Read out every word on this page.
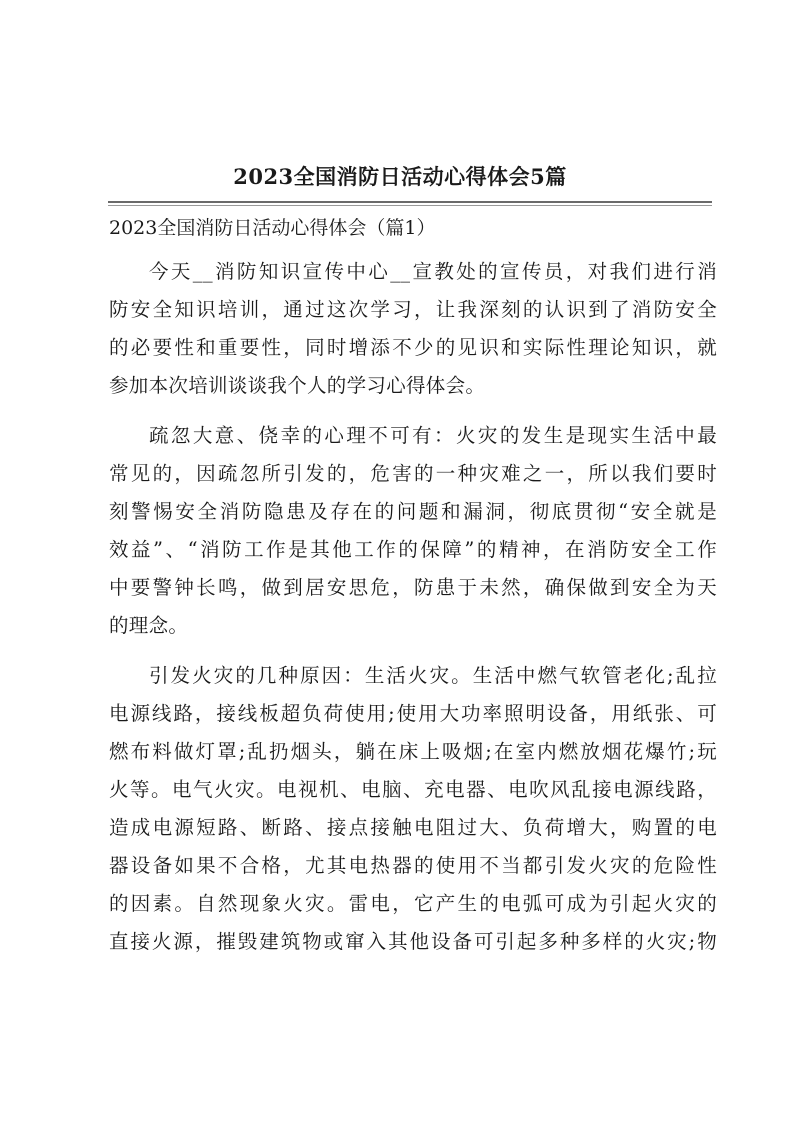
2023全国消防日活动心得体会5篇
2023全国消防日活动心得体会（篇1）
今天__消防知识宣传中心__宣教处的宣传员，对我们进行消
防安全知识培训，通过这次学习，让我深刻的认识到了消防安全
的必要性和重要性，同时增添不少的见识和实际性理论知识，就
参加本次培训谈谈我个人的学习心得体会。
疏忽大意、侥幸的心理不可有：火灾的发生是现实生活中最
常见的，因疏忽所引发的，危害的一种灾难之一，所以我们要时
刻警惕安全消防隐患及存在的问题和漏洞，彻底贯彻“安全就是
效益”、“消防工作是其他工作的保障”的精神，在消防安全工作
中要警钟长鸣，做到居安思危，防患于未然，确保做到安全为天
的理念。
引发火灾的几种原因：生活火灾。生活中燃气软管老化;乱拉
电源线路，接线板超负荷使用;使用大功率照明设备，用纸张、可
燃布料做灯罩;乱扔烟头，躺在床上吸烟;在室内燃放烟花爆竹;玩
火等。电气火灾。电视机、电脑、充电器、电吹风乱接电源线路，
造成电源短路、断路、接点接触电阻过大、负荷增大，购置的电
器设备如果不合格，尤其电热器的使用不当都引发火灾的危险性
的因素。自然现象火灾。雷电，它产生的电弧可成为引起火灾的
直接火源，摧毁建筑物或窜入其他设备可引起多种多样的火灾;物
